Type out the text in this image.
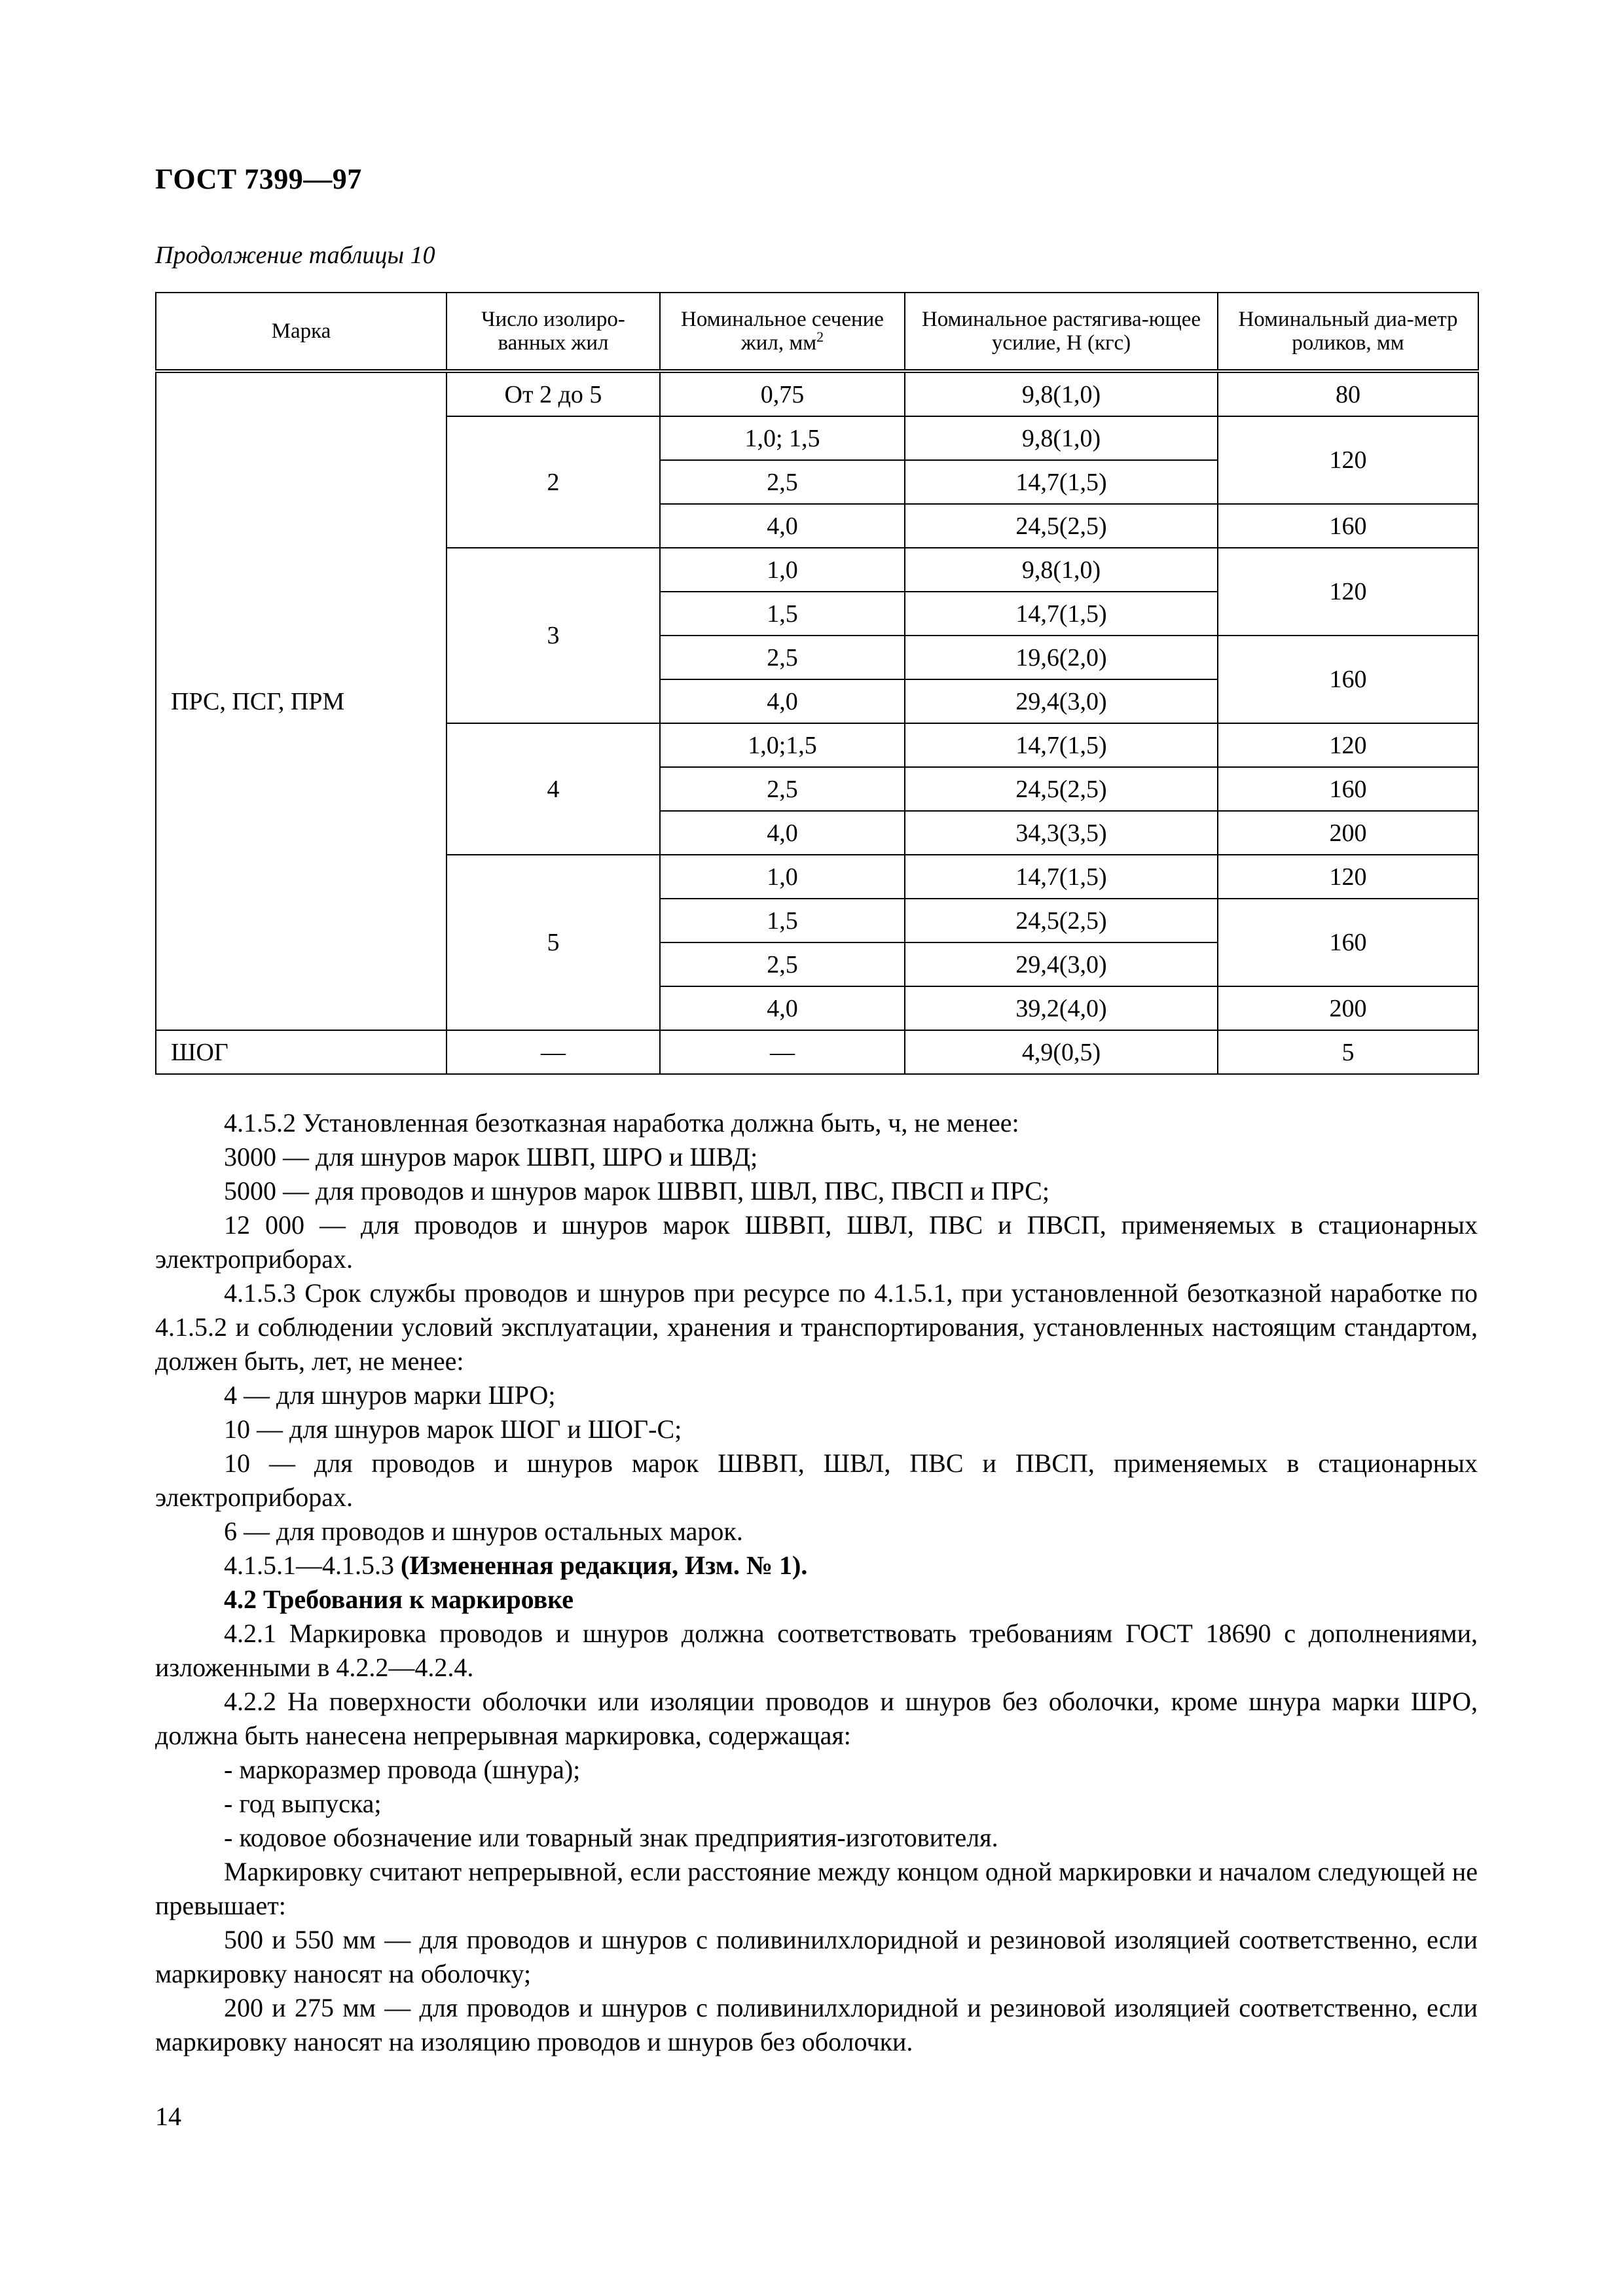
ГОСТ 7399—97
Продолжение таблицы 10
Марка	Число изолиро-ванных жил	Номинальное сечение жил, $мм^2$	Номинальное растягива-ющее усилие, Н (кгс)	Номинальный диа-метр роликов, мм
ПРС, ПСГ, ПРМ	От 2 до 5	0,75	9,8(1,0)	80
	2	1,0; 1,5	9,8(1,0)	120
		2,5	14,7(1,5)	
		4,0	24,5(2,5)	160
	3	1,0	9,8(1,0)	120
		1,5	14,7(1,5)	
		2,5	19,6(2,0)	160
		4,0	29,4(3,0)	
	4	1,0;1,5	14,7(1,5)	120
		2,5	24,5(2,5)	160
		4,0	34,3(3,5)	200
	5	1,0	14,7(1,5)	120
		1,5	24,5(2,5)	160
		2,5	29,4(3,0)	
		4,0	39,2(4,0)	200
ШОГ	—	—	4,9(0,5)	5

4.1.5.2 Установленная безотказная наработка должна быть, ч, не менее:

3000 — для шнуров марок ШВП, ШРО и ШВД;

5000 — для проводов и шнуров марок ШВВП, ШВЛ, ПВС, ПВСП и ПРС;

12 000 — для проводов и шнуров марок ШВВП, ШВЛ, ПВС и ПВСП, применяемых в стационарных электроприборах.

4.1.5.3 Срок службы проводов и шнуров при ресурсе по 4.1.5.1, при установленной безотказной наработке по 4.1.5.2 и соблюдении условий эксплуатации, хранения и транспортирования, установленных настоящим стандартом, должен быть, лет, не менее:

4 — для шнуров марки ШРО;

10 — для шнуров марок ШОГ и ШОГ-С;

10 — для проводов и шнуров марок ШВВП, ШВЛ, ПВС и ПВСП, применяемых в стационарных электроприборах.

6 — для проводов и шнуров остальных марок.

4.1.5.1—4.1.5.3 (Измененная редакция, Изм. № 1).

4.2 Требования к маркировке

4.2.1 Маркировка проводов и шнуров должна соответствовать требованиям ГОСТ 18690 с дополнениями, изложенными в 4.2.2—4.2.4.

4.2.2 На поверхности оболочки или изоляции проводов и шнуров без оболочки, кроме шнура марки ШРО, должна быть нанесена непрерывная маркировка, содержащая:

- маркоразмер провода (шнура);

- год выпуска;

- кодовое обозначение или товарный знак предприятия-изготовителя.

Маркировку считают непрерывной, если расстояние между концом одной маркировки и началом следующей не превышает:

500 и 550 мм — для проводов и шнуров с поливинилхлоридной и резиновой изоляцией соответственно, если маркировку наносят на оболочку;

200 и 275 мм — для проводов и шнуров с поливинилхлоридной и резиновой изоляцией соответственно, если маркировку наносят на изоляцию проводов и шнуров без оболочки.

14
